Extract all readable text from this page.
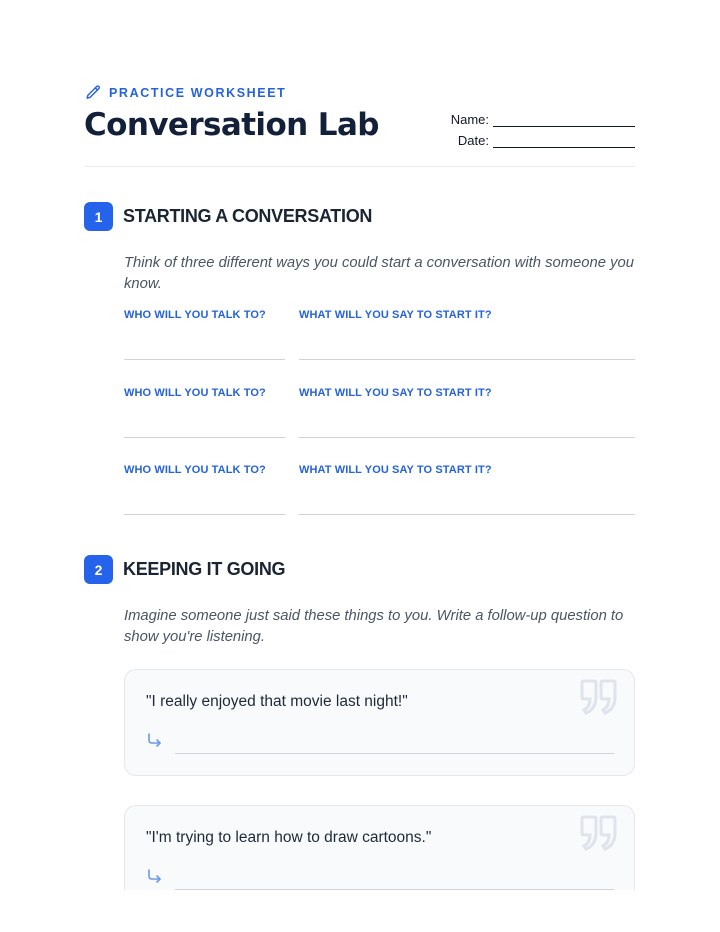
PRACTICE WORKSHEET
Conversation Lab	Name:
Date:
1	STARTING A CONVERSATION

Think of three different ways you could start a conversation with someone you know.

WHO WILL YOU TALK TO?	WHAT WILL YOU SAY TO START IT?
WHO WILL YOU TALK TO?	WHAT WILL YOU SAY TO START IT?
WHO WILL YOU TALK TO?	WHAT WILL YOU SAY TO START IT?
2	KEEPING IT GOING

Imagine someone just said these things to you. Write a follow-up question to show you're listening.

"I really enjoyed that movie last night!"
"I'm trying to learn how to draw cartoons."
